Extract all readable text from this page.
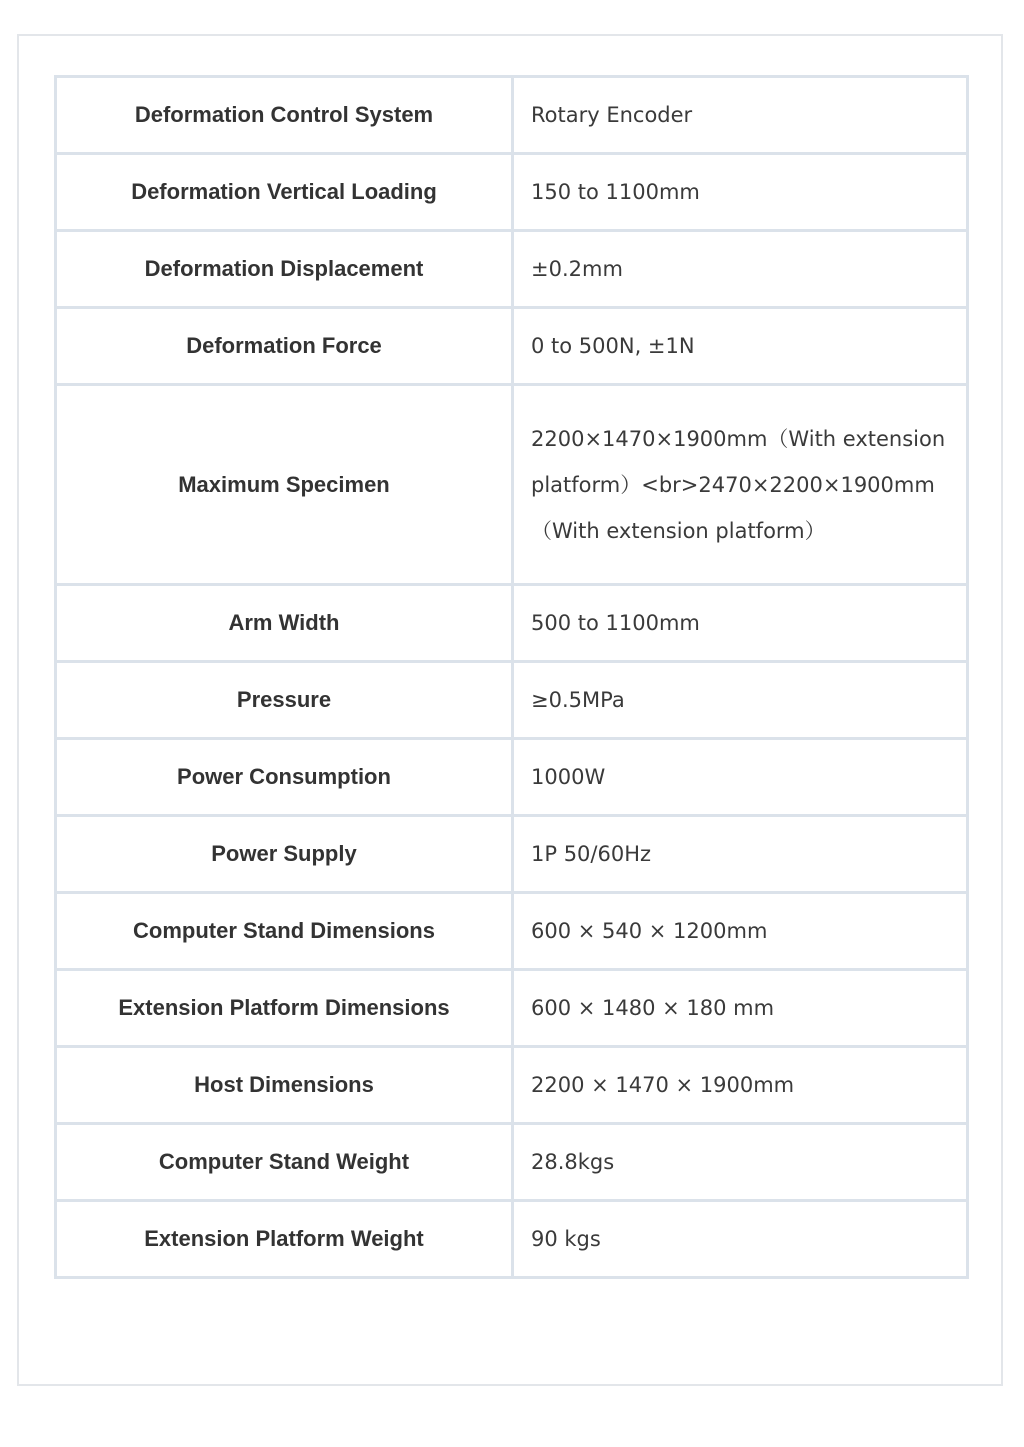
Deformation Control System	Rotary Encoder
Deformation Vertical Loading	150 to 1100mm
Deformation Displacement	±0.2mm
Deformation Force	0 to 500N, ±1N
Maximum Specimen	2200×1470×1900mm（With extension platform）<br>2470×2200×1900mm（With extension platform）
Arm Width	500 to 1100mm
Pressure	≥0.5MPa
Power Consumption	1000W
Power Supply	1P 50/60Hz
Computer Stand Dimensions	600 × 540 × 1200mm
Extension Platform Dimensions	600 × 1480 × 180 mm
Host Dimensions	2200 × 1470 × 1900mm
Computer Stand Weight	28.8kgs
Extension Platform Weight	90 kgs
